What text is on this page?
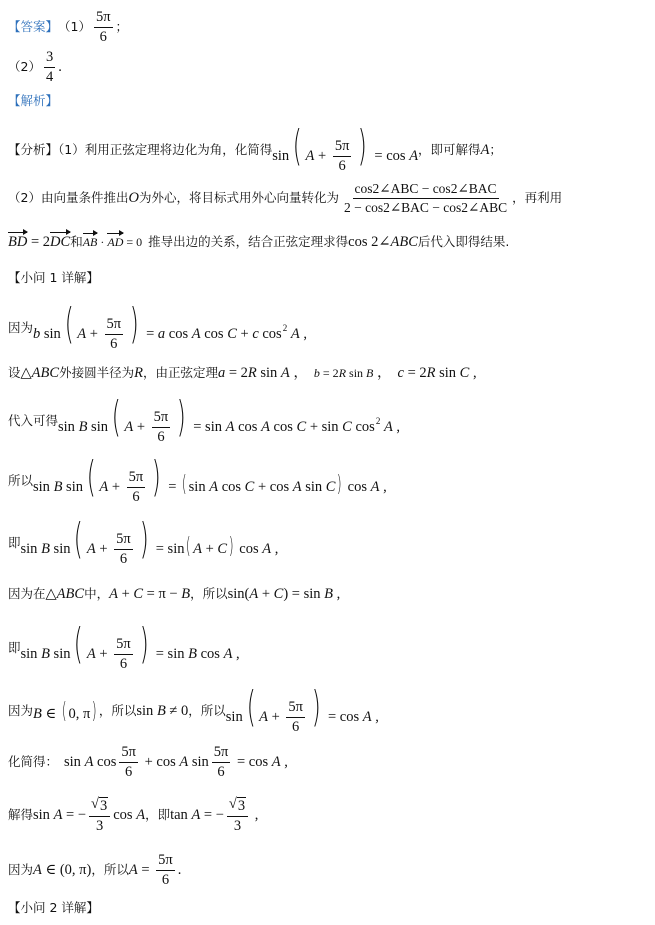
【答案】 $(1) \frac{5\pi}{6}$ ；
$(2) \frac{3}{4}$ .
【解析】
【分析】（1）利用正弦定理将边化为角，化简得 sin( $A + \frac{5\pi}{6}$ ) = cos A ，即可解得 A ；
（2）由向量条件推出 O 为外心，将目标式用外心向量转化为 $\frac{\text{cos2∠ABC − cos2∠BAC}}{\text{2 − cos2∠BAC − cos2∠ABC}}$ ，再利用
BD = 2DC 和 AB · AD = 0 推导出边的关系，结合正弦定理求得 cos 2∠ABC 后代入即得结果.
【小问 1 详解】
因为 b sin( $A + \frac{5\pi}{6}$ ) = a cos A cos C + c $\cos^2 A$ ,
设 △ABC 外接圆半径为 R ，由正弦定理 a = 2R sin A ， b = 2R sin B ， c = 2R sin C ,
代入可得 sin B sin( $A + \frac{5\pi}{6}$ ) = sin A cos A cos C + sin C $\cos^2 A$ ,
所以 sin B sin( $A + \frac{5\pi}{6}$ ) = ( sin A cos C + cos A sin C) cos A ,
即 sin B sin( $A + \frac{5\pi}{6}$ ) = sin( A + C) cos A ,
因为在 △ABC 中， A + C = π − B ，所以 sin(A + C) = sin B ,
即 sin B sin( $A + \frac{5\pi}{6}$ ) = sin B cos A ,
因为 B ∈ ( 0, π) ，所以 sin B ≠ 0 ，所以 sin( $A + \frac{5\pi}{6}$ ) = cos A ,
化简得： sin A $\cos \frac{5\pi}{6} + \cos A$ $\sin \frac{5\pi}{6} = \cos A$ ,
解得 sin A = − $\frac{√ 3}{3}$ cos A ，即 tan A = − $\frac{√ 3}{3}$ ,
因为 A ∈ (0, π) ，所以 $A = \frac{5\pi}{6}$ .
【小问 2 详解】
